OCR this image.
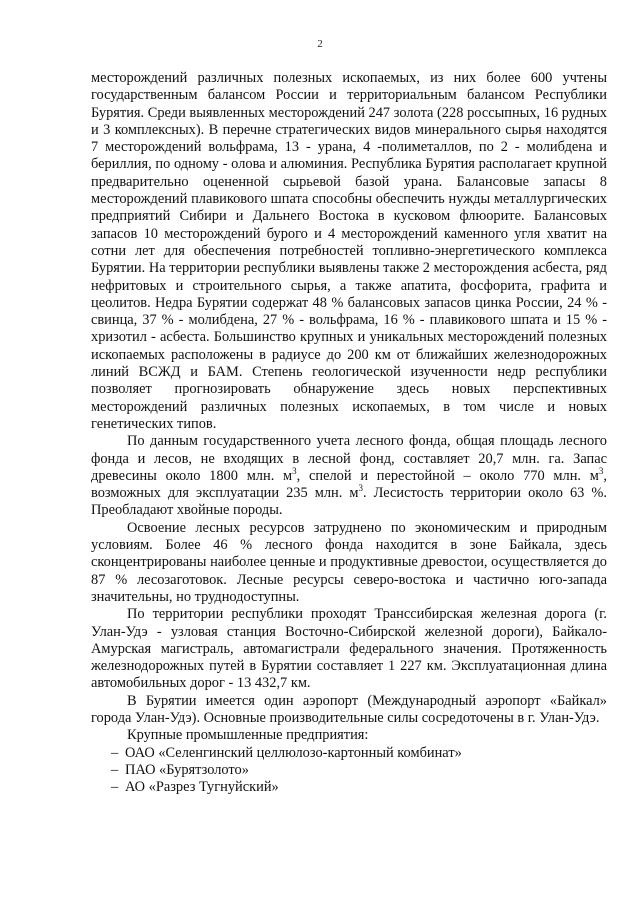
2

месторождений различных полезных ископаемых, из них более 600 учтены государственным балансом России и территориальным балансом Республики Бурятия. Среди выявленных месторождений 247 золота (228 россыпных, 16 рудных и 3 комплексных). В перечне стратегических видов минерального сырья находятся 7 месторождений вольфрама, 13 - урана, 4 -полиметаллов, по 2 - молибдена и бериллия, по одному - олова и алюминия. Республика Бурятия располагает крупной предварительно оцененной сырьевой базой урана. Балансовые запасы 8 месторождений плавикового шпата способны обеспечить нужды металлургических предприятий Сибири и Дальнего Востока в кусковом флюорите. Балансовых запасов 10 месторождений бурого и 4 месторождений каменного угля хватит на сотни лет для обеспечения потребностей топливно-энергетического комплекса Бурятии. На территории республики выявлены также 2 месторождения асбеста, ряд нефритовых и строительного сырья, а также апатита, фосфорита, графита и цеолитов. Недра Бурятии содержат 48 % балансовых запасов цинка России, 24 % - свинца, 37 % - молибдена, 27 % - вольфрама, 16 % - плавикового шпата и 15 % - хризотил - асбеста. Большинство крупных и уникальных месторождений полезных ископаемых расположены в радиусе до 200 км от ближайших железнодорожных линий ВСЖД и БАМ. Степень геологической изученности недр республики позволяет прогнозировать обнаружение здесь новых перспективных месторождений различных полезных ископаемых, в том числе и новых генетических типов.

По данным государственного учета лесного фонда, общая площадь лесного фонда и лесов, не входящих в лесной фонд, составляет 20,7 млн. га. Запас древесины около 1800 млн. $м^3$, спелой и перестойной – около 770 млн. $м^3$, возможных для эксплуатации 235 млн. $м^3$. Лесистость территории около 63 %. Преобладают хвойные породы.

Освоение лесных ресурсов затруднено по экономическим и природным условиям. Более 46 % лесного фонда находится в зоне Байкала, здесь сконцентрированы наиболее ценные и продуктивные древостои, осуществляется до 87 % лесозаготовок. Лесные ресурсы северо-востока и частично юго-запада значительны, но труднодоступны.

По территории республики проходят Транссибирская железная дорога (г. Улан-Удэ - узловая станция Восточно-Сибирской железной дороги), Байкало-Амурская магистраль, автомагистрали федерального значения. Протяженность железнодорожных путей в Бурятии составляет 1 227 км. Эксплуатационная длина автомобильных дорог - 13 432,7 км.

В Бурятии имеется один аэропорт (Международный аэропорт «Байкал» города Улан-Удэ). Основные производительные силы сосредоточены в г. Улан-Удэ.

Крупные промышленные предприятия:

– ОАО «Селенгинский целлюлозо-картонный комбинат»
– ПАО «Бурятзолото»
– АО «Разрез Тугнуйский»
